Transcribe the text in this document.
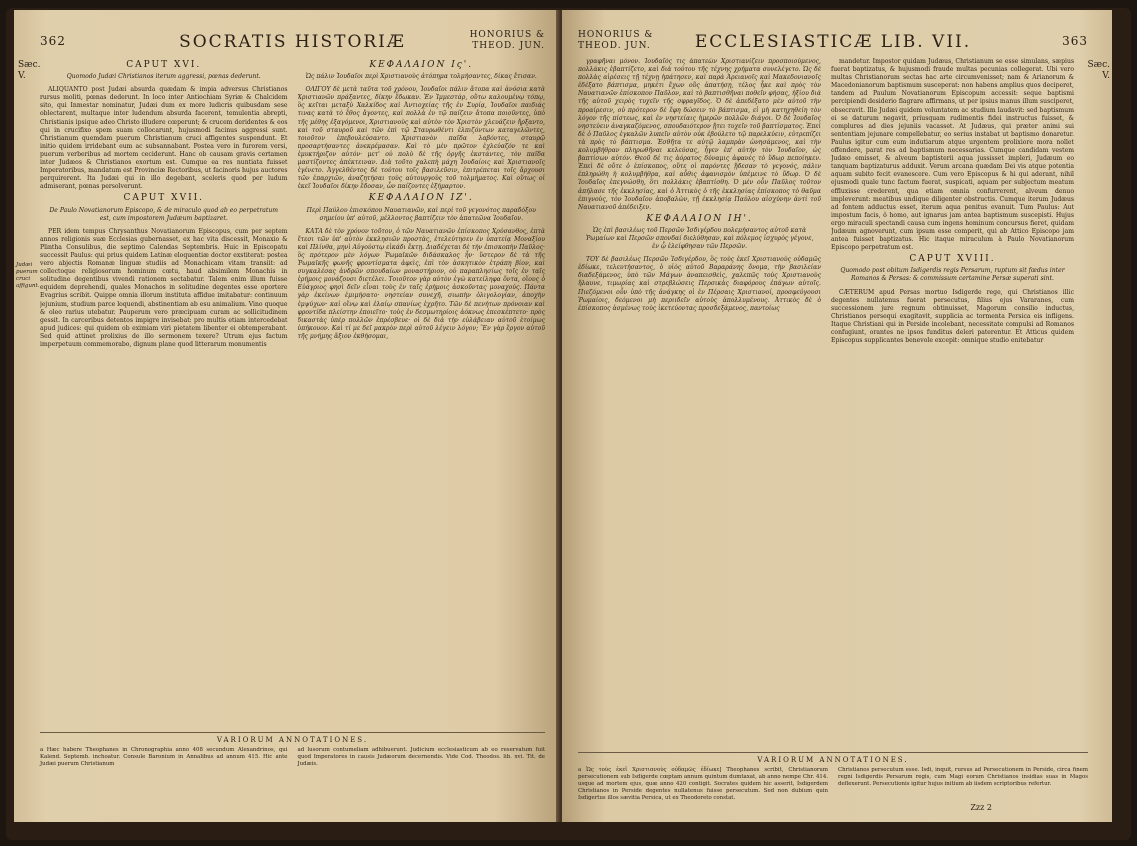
362	SOCRATIS HISTORIÆ	HONORIUS &
THEOD. JUN.
Sæc.
V.
Judæi puerum cruci affigunt.
CAPUT XVI.
Quomodo Judæi Christianos iterum aggressi, pœnas dederunt.

ALIQUANTO post Judæi absurda quædam & impia adversus Christianos rursus moliti, pœnas dederunt. In loco inter Antiochiam Syriæ & Chalcidem sito, qui Inmestar nominatur, Judæi dum ex more ludicris quibusdam sese oblectarent, multaque inter ludendum absurda facerent, temulentia abrepti, Christianis ipsique adeo Christo illudere cœperunt; & crucem deridentes & eos qui in crucifixo spem suam collocarunt, hujusmodi facinus aggressi sunt. Christianum quemdam puerum Christianum cruci affigentes suspendunt. Et initio quidem irridebant eum ac subsannabant. Postea vero in furorem versi, puerum verberibus ad mortem ceciderunt. Hanc ob causam gravis certamen inter Judæos & Christianos exortum est. Cumque ea res nuntiata fuisset Imperatoribus, mandatum est Provinciæ Rectoribus, ut facinoris hujus auctores perquirerent. Ita Judæi qui in illo degebant, sceleris quod per ludum admiserant, pœnas persolverunt.

CAPUT XVII.
De Paulo Novatianorum Episcopo, & de miraculo quod ab eo perpetratum est, cum impostorem Judæum baptizaret.

PER idem tempus Chrysanthus Novatianorum Episcopus, cum per septem annos religionis suæ Ecclesias gubernasset, ex hac vita discessit, Monaxio & Plintha Consulibus, die septimo Calendas Septembris. Huic in Episcopatu successit Paulus: qui prius quidem Latinæ eloquentiæ doctor exstiterat: postea vero abjectis Romanæ linguæ studiis ad Monachicam vitam transiit: ad collectoque religiosorum hominum cœtu, haud absimilem Monachis in solitudine degentibus vivendi rationem sectabatur. Talem enim illum fuisse equidem deprehendi, quales Monachos in solitudine degentes esse oportere Evagrius scribit. Quippe omnia illorum instituta affidue imitabatur: continuum jejunium, studium parce loquendi, abstinentiam ab esu animalium. Vino quoque & oleo rarius utebatur. Pauperum vero præcipuam curam ac sollicitudinem gessit. In carceribus detentos impigre invisebat: pro multis etiam intercedebat apud judices: qui quidem ob eximiam viri pietatem libenter ei obtemperabant. Sed quid attinet prolixius de illo sermonem texere? Utrum ejus factum imperpetuum commemorabo, dignum plane quod litterarum monumentis

ΚΕΦΑΛΑΙΟΝ Ις'.
Ὡς πάλιν Ἰουδαῖοι περὶ Χριστιανοὺς ἀτόπημα τολμήσαντες, δίκας ἔτισαν.

ΟΛΙΓΟΥ δὲ μετὰ ταῦτα τοῦ χρόνου, Ἰουδαῖοι πάλιν ἄτοπα καὶ ἀνόσια κατὰ Χριστιανῶν πράξαντες, δίκην ἔδωκαν. Ἐν Ἰμμεστάρ, οὕτω καλουμένῳ τόπῳ, ὃς κεῖται μεταξὺ Χαλκίδος καὶ Ἀντιοχείας τῆς ἐν Συρίᾳ, Ἰουδαῖοι παιδιάς τινας κατὰ τὸ ἔθος ἄγοντες, καὶ πολλὰ ἐν τῷ παίζειν ἄτοπα ποιοῦντες, ὑπὸ τῆς μέθης ἐξαγόμενοι, Χριστιανοὺς καὶ αὐτὸν τὸν Χριστὸν χλευάζειν ἤρξαντο, καὶ τοῦ σταυροῦ καὶ τῶν ἐπὶ τῷ Σταυρωθέντι ἐλπιζόντων καταγελῶντες, τοιοῦτον ἐπεβουλεύσαντο. Χριστιανὸν παῖδα λαβόντες, σταυρῷ προσαρτήσαντες ἀνεκρέμασαν. Καὶ τὸ μὲν πρῶτον ἐχλεύαζόν τε καὶ ἐμυκτήριζον αὐτόν· μετ' οὐ πολὺ δὲ τῆς ὀργῆς ἐκστάντες, τὸν παῖδα μαστίζοντες ἀπέκτειναν. Διὰ τοῦτο χαλεπὴ μάχη Ἰουδαίοις καὶ Χριστιανοῖς ἐγένετο. Ἀγγελθέντος δὲ τούτου τοῖς βασιλεῦσιν, ἐπιτρέπεται τοῖς ἄρχουσι τῶν ἐπαρχιῶν, ἀναζητήσαι τοὺς αὐτουργοὺς τοῦ τολμήματος. Καὶ οὕτως οἱ ἐκεῖ Ἰουδαῖοι δίκην ἔδοσαν, ὧν παίζοντες ἐξήμαρτον.

ΚΕΦΑΛΑΙΟΝ ΙΖ'.
Περὶ Παύλου ἐπισκόπου Ναυατιανῶν, καὶ περὶ τοῦ γεγονότος παραδόξου σημείου ὑπ' αὐτοῦ, μέλλοντος βαπτίζειν τὸν ἀπατεῶνα Ἰουδαῖον.

ΚΑΤΑ δὲ τὸν χρόνον τοῦτον, ὁ τῶν Ναυατιανῶν ἐπίσκοπος Χρύσανθος, ἑπτὰ ἔτεσι τῶν ὑπ' αὐτὸν ἐκκλησιῶν προστὰς, ἐτελεύτησεν ἐν ὑπατείᾳ Μοναξίου καὶ Πλίνθα, μηνὶ Αὐγούστῳ εἰκάδι ἕκτῃ. Διαδέχεται δὲ τὴν ἐπισκοπὴν Παῦλος· ὃς πρότερον μὲν λόγων Ῥωμαϊκῶν διδάσκαλος ἦν· ὕστερον δὲ τὰ τῆς Ῥωμαϊκῆς φωνῆς φροντίσματα ἀφεὶς, ἐπὶ τὸν ἀσκητικὸν ἐτράπη βίον, καὶ συγκαλέσας ἀνδρῶν σπουδαίων μοναστήριον, οὐ παραπλησίως τοῖς ἐν ταῖς ἐρήμοις μονάζουσι διετέλει. Τοιοῦτον γὰρ αὐτὸν ἐγὼ κατείληφα ὄντα, οἵους ὁ Εὐάγριος φησὶ δεῖν εἶναι τοὺς ἐν ταῖς ἐρήμοις ἀσκοῦντας μοναχούς. Πάντα γὰρ ἐκείνων ἐμιμήσατο· νηστείαν συνεχῆ, σιωπὴν ὀλιγολογίαν, ἀποχὴν ἐμψύχων· καὶ οἴνῳ καὶ ἐλαίῳ σπανίως ἐχρῆτο. Τῶν δὲ πενήτων πρόνοιαν καὶ φροντίδα πλείστην ἐποιεῖτο· τοὺς ἐν δεσμωτηρίοις ἀόκνως ἐπεσκέπτετο· πρὸς δικαστὰς ὑπὲρ πολλῶν ἐπρέσβευε· οἱ δὲ διὰ τὴν εὐλάβειαν αὐτοῦ ἑτοίμως ὑπήκουον. Καὶ τί με δεῖ μακρὸν περὶ αὐτοῦ λέγειν λόγον; Ἓν γὰρ ἔργον αὐτοῦ τῆς μνήμης ἄξιον ἐκθήσομαι,

VARIORUM ANNOTATIONES.
a Hæc habere Theophanes in Chronographia anno 408 secundum Alexandrinos, qui Kalend. Septemb. inchoatur. Consule Baronium in Annalibus ad annum 415. Hic ante Judæi puerum Christianum
ad lusorum contumeliam adhibuerunt. Judicium ecclesiasticum ab eo reservatum fuit quod Imperatores in causis Judæorum decernendis. Vide Cod. Theodos. lib. xvi. Tit. de Judæis.
HONORIUS &
THEOD. JUN.	ECCLESIASTICÆ LIB. VII.	363
Sæc.
V.

γραφῆναι μόνον. Ἰουδαῖός τις ἀπατεὼν Χριστιανίζειν προσποιούμενος, πολλάκις ἐβαπτίζετο, καὶ διὰ τούτου τῆς τέχνης χρήματα συνελέγετο. Ὡς δὲ πολλὰς αἱρέσεις τῇ τέχνῃ ἠπάτησεν, καὶ παρὰ Ἀρειανοῖς καὶ Μακεδονιανοῖς ἐδέξατο βάπτισμα, μηκέτι ἔχων οὓς ἀπατήσῃ, τέλος ἧκε καὶ πρὸς τὸν Ναυατιανῶν ἐπίσκοπον Παῦλον, καὶ τὸ βαπτισθῆναι ποθεῖν φήσας, ἠξίου διὰ τῆς αὐτοῦ χειρὸς τυχεῖν τῆς σφραγῖδος. Ὁ δὲ ἀπεδέξατο μὲν αὐτοῦ τὴν προαίρεσιν, οὐ πρότερον δὲ ἔφη δώσειν τὸ βάπτισμα, εἰ μὴ κατηχηθείη τὸν λόγον τῆς πίστεως, καὶ ἐν νηστείαις ἡμερῶν πολλῶν διάγοι. Ὁ δὲ Ἰουδαῖος νηστεύειν ἀναγκαζόμενος, σπουδαιότερον ᾔτει τυχεῖν τοῦ βαπτίσματος. Ἐπεὶ δὲ ὁ Παῦλος ἐγκαλῶν λυπεῖν αὐτὸν οὐκ ἐβούλετο τῷ παρελκύειν, εὐτρεπίζει τὰ πρὸς τὸ βάπτισμα. Ἐσθῆτα τε αὐτῷ λαμπρὰν ὠνησάμενος, καὶ τὴν κολυμβήθραν πληρωθῆναι κελεύσας, ἦγεν ἐπ' αὐτὴν τὸν Ἰουδαῖον, ὡς βαπτίσων αὐτόν. Θεοῦ δέ τις ἀόρατος δύναμις ἀφανὲς τὸ ὕδωρ πεποίηκεν. Ἐπεὶ δὲ οὔτε ὁ ἐπίσκοπος, οὔτε οἱ παρόντες ᾔδεσαν τὸ γεγονός, πάλιν ἐπληρώθη ἡ κολυμβήθρα, καὶ αὖθις ἀφανισμὸν ὑπέμεινε τὸ ὕδωρ. Ὁ δὲ Ἰουδαῖος ἐπεγνώσθη, ὅτι πολλάκις ἐβαπτίσθη. Ὁ μὲν οὖν Παῦλος τοῦτον ἀπήλασε τῆς ἐκκλησίας, καὶ ὁ Ἀττικὸς ὁ τῆς ἐκκλησίας ἐπίσκοπος τὸ θαῦμα ἐπιγνοὺς, τὸν Ἰουδαῖον ἀποβαλὼν, τῇ ἐκκλησίᾳ Παύλου αἰσχύνην ἀντὶ τοῦ Ναυατιανοῦ ἀπέδειξεν.

ΚΕΦΑΛΑΙΟΝ ΙΗ'.
Ὡς ἐπὶ βασιλέως τοῦ Περσῶν Ἰσδιγέρδου πολεμήσαντος αὐτοῦ κατὰ Ῥωμαίων καὶ Περσῶν σπονδαί διελύθησαν, καὶ πόλεμος ἰσχυρὸς γέγονε, ἐν ᾧ ἐλείφθησαν τῶν Περσῶν.

ΤΟΥ δὲ βασιλέως Περσῶν Ἰσδιγέρδου, ὃς τοὺς ἐκεῖ Χριστιανοὺς οὐδαμῶς ἐδίωκε, τελευτήσαντος, ὁ υἱὸς αὐτοῦ Βαραράνης ὄνομα, τὴν βασιλείαν διαδεξάμενος, ὑπὸ τῶν Μάγων ἀναπεισθεὶς, χαλεπῶς τοὺς Χριστιανοὺς ἤλαυνε, τιμωρίας καὶ στρεβλώσεις Περσικὰς διαφόρους ἐπάγων αὐτοῖς. Πιεζόμενοι οὖν ὑπὸ τῆς ἀνάγκης οἱ ἐν Πέρσαις Χριστιανοί, προσφεύγουσι Ῥωμαίοις, δεόμενοι μὴ περιιδεῖν αὐτοὺς ἀπολλυμένους. Ἀττικὸς δὲ ὁ ἐπίσκοπος ἀσμένως τοὺς ἱκετεύοντας προσδεξάμενος, παντοίως

mandetur. Impostor quidam Judæus, Christianum se esse simulans, sæpius fuerat baptizatus, & hujusmodi fraude multas pecunias collegerat. Ubi vero multas Christianorum sectas hac arte circumvenisset; nam & Arianorum & Macedonianorum baptismum susceperat: non habens amplius quos deciperet, tandem ad Paulum Novatianorum Episcopum accessit: seque baptismi percipiendi desiderio flagrare affirmans, ut per ipsius manus illum susciperet, obsecravit. Ille Judæi quidem voluntatem ac studium laudavit: sed baptismum ei se daturum negavit, priusquam rudimentis fidei instructus fuisset, & complures ad dies jejuniis vacasset. At Judæus, qui præter animi sui sententiam jejunare compellebatur, eo serius instabat ut baptismo donaretur. Paulus igitur cum eum indutiarum atque urgentem prolixiore mora nollet offendere, parat res ad baptismum necessarias. Cumque candidam vestem Judæo emisset, & alveum baptisterii aqua jussisset impleri, Judæum eo tanquam baptizaturus adduxit. Verum arcana quædam Dei vis atque potentia aquam subito fecit evanescere. Cum vero Episcopus & hi qui aderant, nihil ejusmodi quale tunc factum fuerat, suspicati, aquam per subjectum meatum effluxisse crederent, qua etiam omnia confurrerent, alveum denuo impleverunt: meatibus undique diligenter obstructis. Cumque iterum Judæus ad fontem adductus esset, iterum aqua penitus evanuit. Tum Paulus: Aut impostum facis, ô homo, aut ignarus jam antea baptismum suscepisti. Hujus ergo miraculi spectandi causa cum ingens hominum concursus fieret, quidam Judæum agnoverunt, cum ipsum esse comperit, qui ab Attico Episcopo jam antea fuisset baptizatus. Hic itaque miraculum à Paulo Novatianorum Episcopo perpetratum est.

CAPUT XVIII.
Quomodo post obitum Isdigerdis regis Persarum, ruptum sit fœdus inter Romanos & Persas: & commissum certamine Persæ superati sint.

CÆTERUM apud Persas mortuo Isdigerde rege, qui Christianos illic degentes nullatenus fuerat persecutus, filius ejus Vararanes, cum successionem jure regnum obtinuisset, Magorum consilio inductus, Christianos persequi exagitavit, supplicia ac tormenta Persica eis infligens. Itaque Christiani qui in Perside incolebant, necessitate compulsi ad Romanos confugiunt, orantes ne ipsos funditus deleri paterentur. Et Atticus quidem Episcopus supplicantes benevole excepit: omnique studio enitebatur

VARIORUM ANNOTATIONES.
a Ὡς τοὺς ἐκεῖ Χριστιανοὺς οὐδαμῶς ἐδίωκε] Theophanes scribit, Christianorum persecutionem sub Isdigerde cœptam annum quintum dumtaxat, ab anno nempe Chr. 414. usque ad mortem ejus, quæ anno 420 contigit. Socrates quidem hic asserit, Isdigerdem Christianos in Perside degentes nullatenus fuisse persecutum. Sed non dubium quin Isdigertus illos sævitia Persica, ut ex Theodoreto constat.
Christianos persecutum esse. Isdi, inquit, rursus ad Persecutionem in Perside, circa finem regni Isdigerdis Persarum regis, cum Magi eorum Christianos insidias suas in Magos deflexerunt. Persecutionis igitur hujus initium ab iisdem scriptoribus refertur.
Zzz 2
